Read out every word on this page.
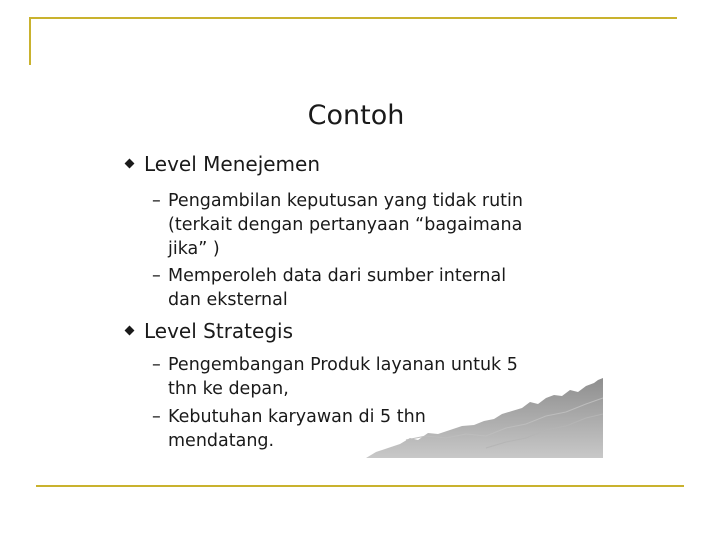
Contoh
Level Menejemen
– Pengambilan keputusan yang tidak rutin
(terkait dengan pertanyaan “bagaimana
jika” )
– Memperoleh data dari sumber internal
dan eksternal
Level Strategis
– Pengembangan Produk layanan untuk 5
thn ke depan,
– Kebutuhan karyawan di 5 thn
mendatang.
